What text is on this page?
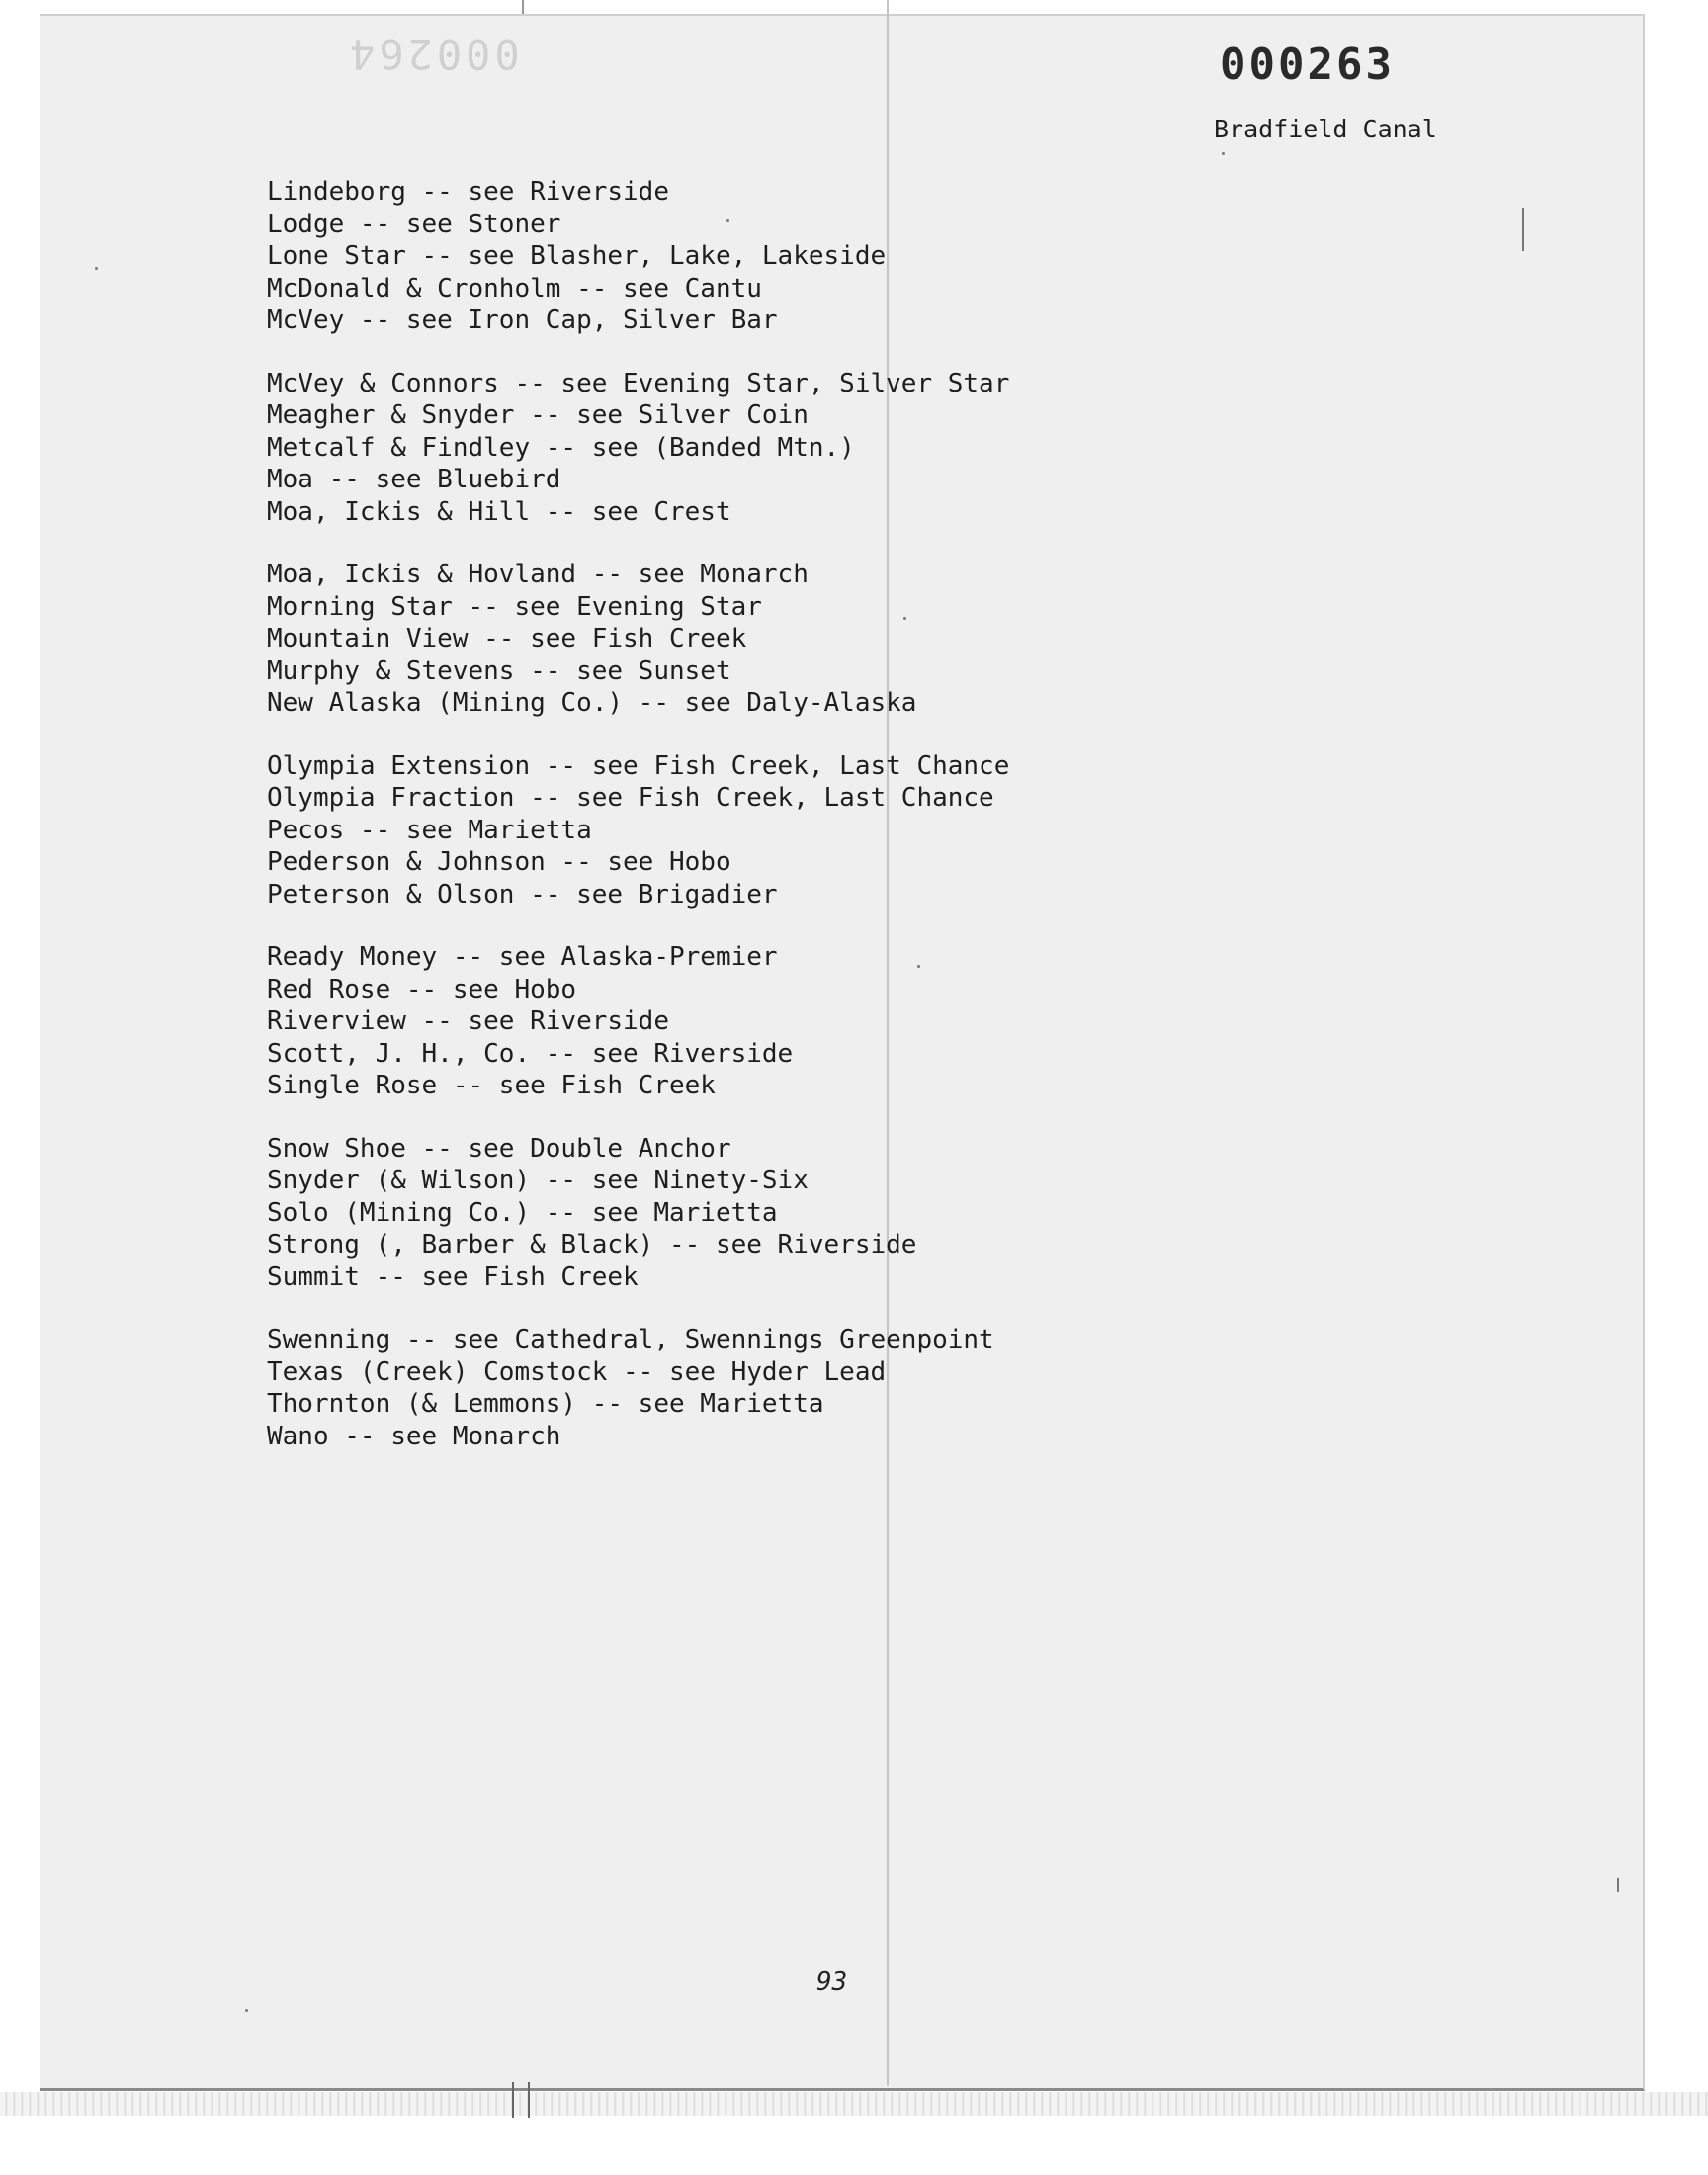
000264	000263
Bradfield Canal
Lindeborg -- see Riverside
Lodge -- see Stoner
Lone Star -- see Blasher, Lake, Lakeside
McDonald & Cronholm -- see Cantu
McVey -- see Iron Cap, Silver Bar
McVey & Connors -- see Evening Star, Silver Star
Meagher & Snyder -- see Silver Coin
Metcalf & Findley -- see (Banded Mtn.)
Moa -- see Bluebird
Moa, Ickis & Hill -- see Crest
Moa, Ickis & Hovland -- see Monarch
Morning Star -- see Evening Star
Mountain View -- see Fish Creek
Murphy & Stevens -- see Sunset
New Alaska (Mining Co.) -- see Daly-Alaska
Olympia Extension -- see Fish Creek, Last Chance
Olympia Fraction -- see Fish Creek, Last Chance
Pecos -- see Marietta
Pederson & Johnson -- see Hobo
Peterson & Olson -- see Brigadier
Ready Money -- see Alaska-Premier
Red Rose -- see Hobo
Riverview -- see Riverside
Scott, J. H., Co. -- see Riverside
Single Rose -- see Fish Creek
Snow Shoe -- see Double Anchor
Snyder (& Wilson) -- see Ninety-Six
Solo (Mining Co.) -- see Marietta
Strong (, Barber & Black) -- see Riverside
Summit -- see Fish Creek
Swenning -- see Cathedral, Swennings Greenpoint
Texas (Creek) Comstock -- see Hyder Lead
Thornton (& Lemmons) -- see Marietta
Wano -- see Monarch
93
